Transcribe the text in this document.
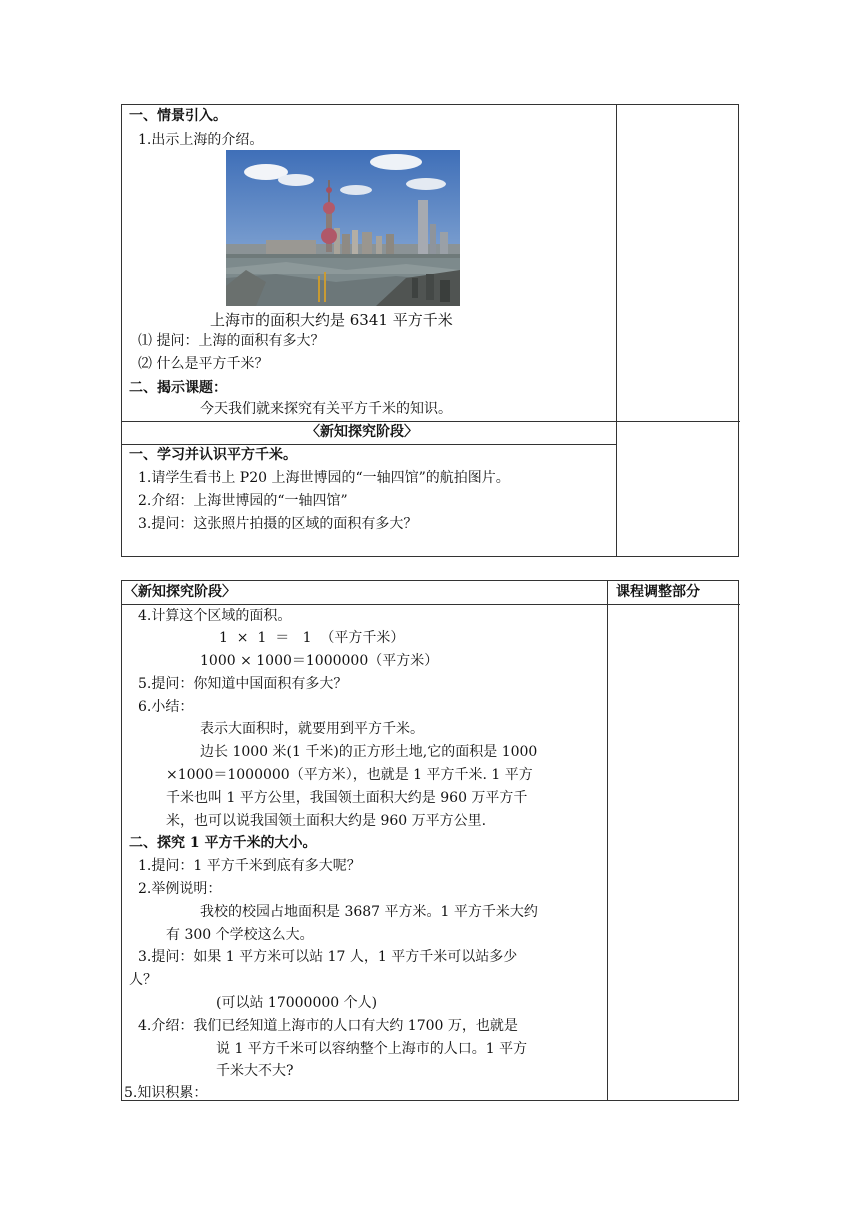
一、情景引入。
1.出示上海的介绍。
上海市的面积大约是 6341 平方千米
⑴ 提问：上海的面积有多大？
⑵ 什么是平方千米？
二、揭示课题：
今天我们就来探究有关平方千米的知识。
〈新知探究阶段〉
一、学习并认识平方千米。
1.请学生看书上 P20 上海世博园的“一轴四馆”的航拍图片。
2.介绍：上海世博园的“一轴四馆”
3.提问：这张照片拍摄的区域的面积有多大？
〈新知探究阶段〉	课程调整部分
4.计算这个区域的面积。
1  ×  1  ＝   1  （平方千米）
1000 × 1000＝1000000（平方米）
5.提问：你知道中国面积有多大？
6.小结：
表示大面积时，就要用到平方千米。
边长 1000 米(1 千米)的正方形土地,它的面积是 1000
×1000＝1000000（平方米），也就是 1 平方千米. 1 平方
千米也叫 1 平方公里，我国领土面积大约是 960 万平方千
米，也可以说我国领土面积大约是 960 万平方公里.
二、探究 1 平方千米的大小。
1.提问：1 平方千米到底有多大呢？
2.举例说明：
我校的校园占地面积是 3687 平方米。1 平方千米大约
有 300 个学校这么大。
3.提问：如果 1 平方米可以站 17 人，1 平方千米可以站多少
人？
(可以站 17000000 个人)
4.介绍：我们已经知道上海市的人口有大约 1700 万，也就是
说 1 平方千米可以容纳整个上海市的人口。1 平方
千米大不大?
5.知识积累：
